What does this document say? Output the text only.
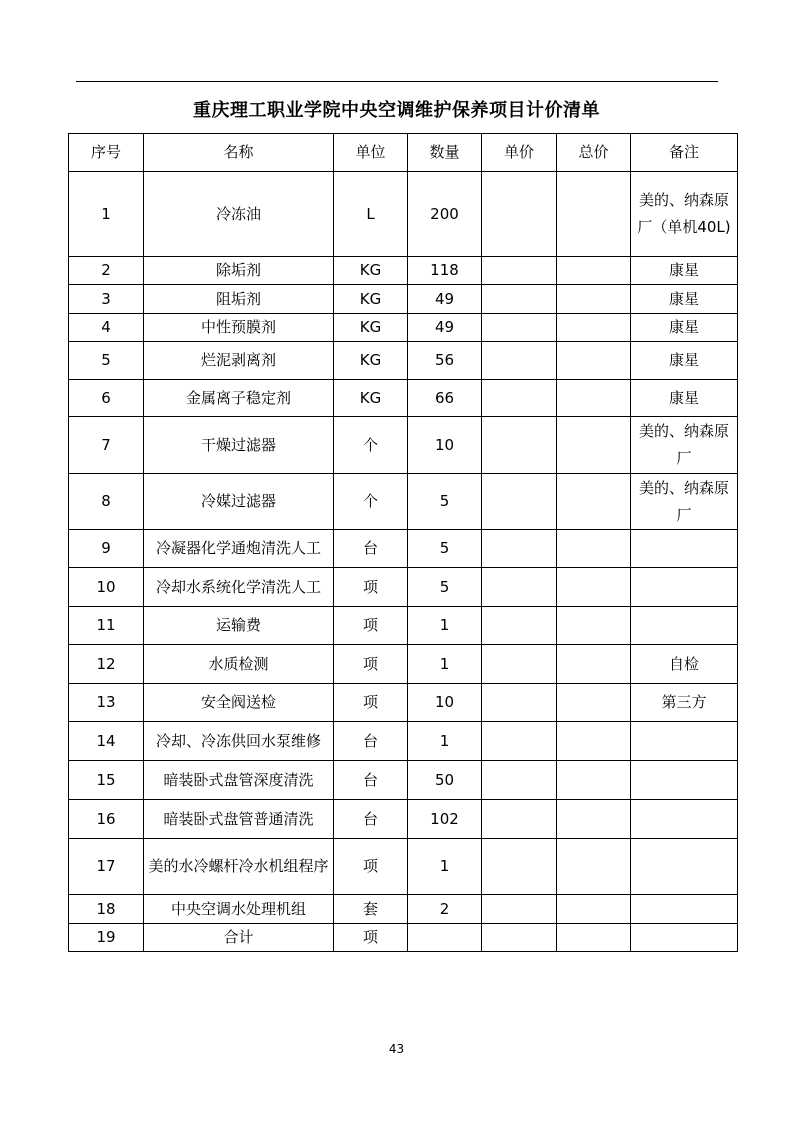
重庆理工职业学院中央空调维护保养项目计价清单
序号	名称	单位	数量	单价	总价	备注
1	冷冻油	L	200			美的、纳森原厂（单机40L)
2	除垢剂	KG	118			康星
3	阻垢剂	KG	49			康星
4	中性预膜剂	KG	49			康星
5	烂泥剥离剂	KG	56			康星
6	金属离子稳定剂	KG	66			康星
7	干燥过滤器	个	10			美的、纳森原厂
8	冷媒过滤器	个	5			美的、纳森原厂
9	冷凝器化学通炮清洗人工	台	5			
10	冷却水系统化学清洗人工	项	5			
11	运输费	项	1			
12	水质检测	项	1			自检
13	安全阀送检	项	10			第三方
14	冷却、冷冻供回水泵维修	台	1			
15	暗装卧式盘管深度清洗	台	50			
16	暗装卧式盘管普通清洗	台	102			
17	美的水冷螺杆冷水机组程序	项	1			
18	中央空调水处理机组	套	2			
19	合计	项				
43
